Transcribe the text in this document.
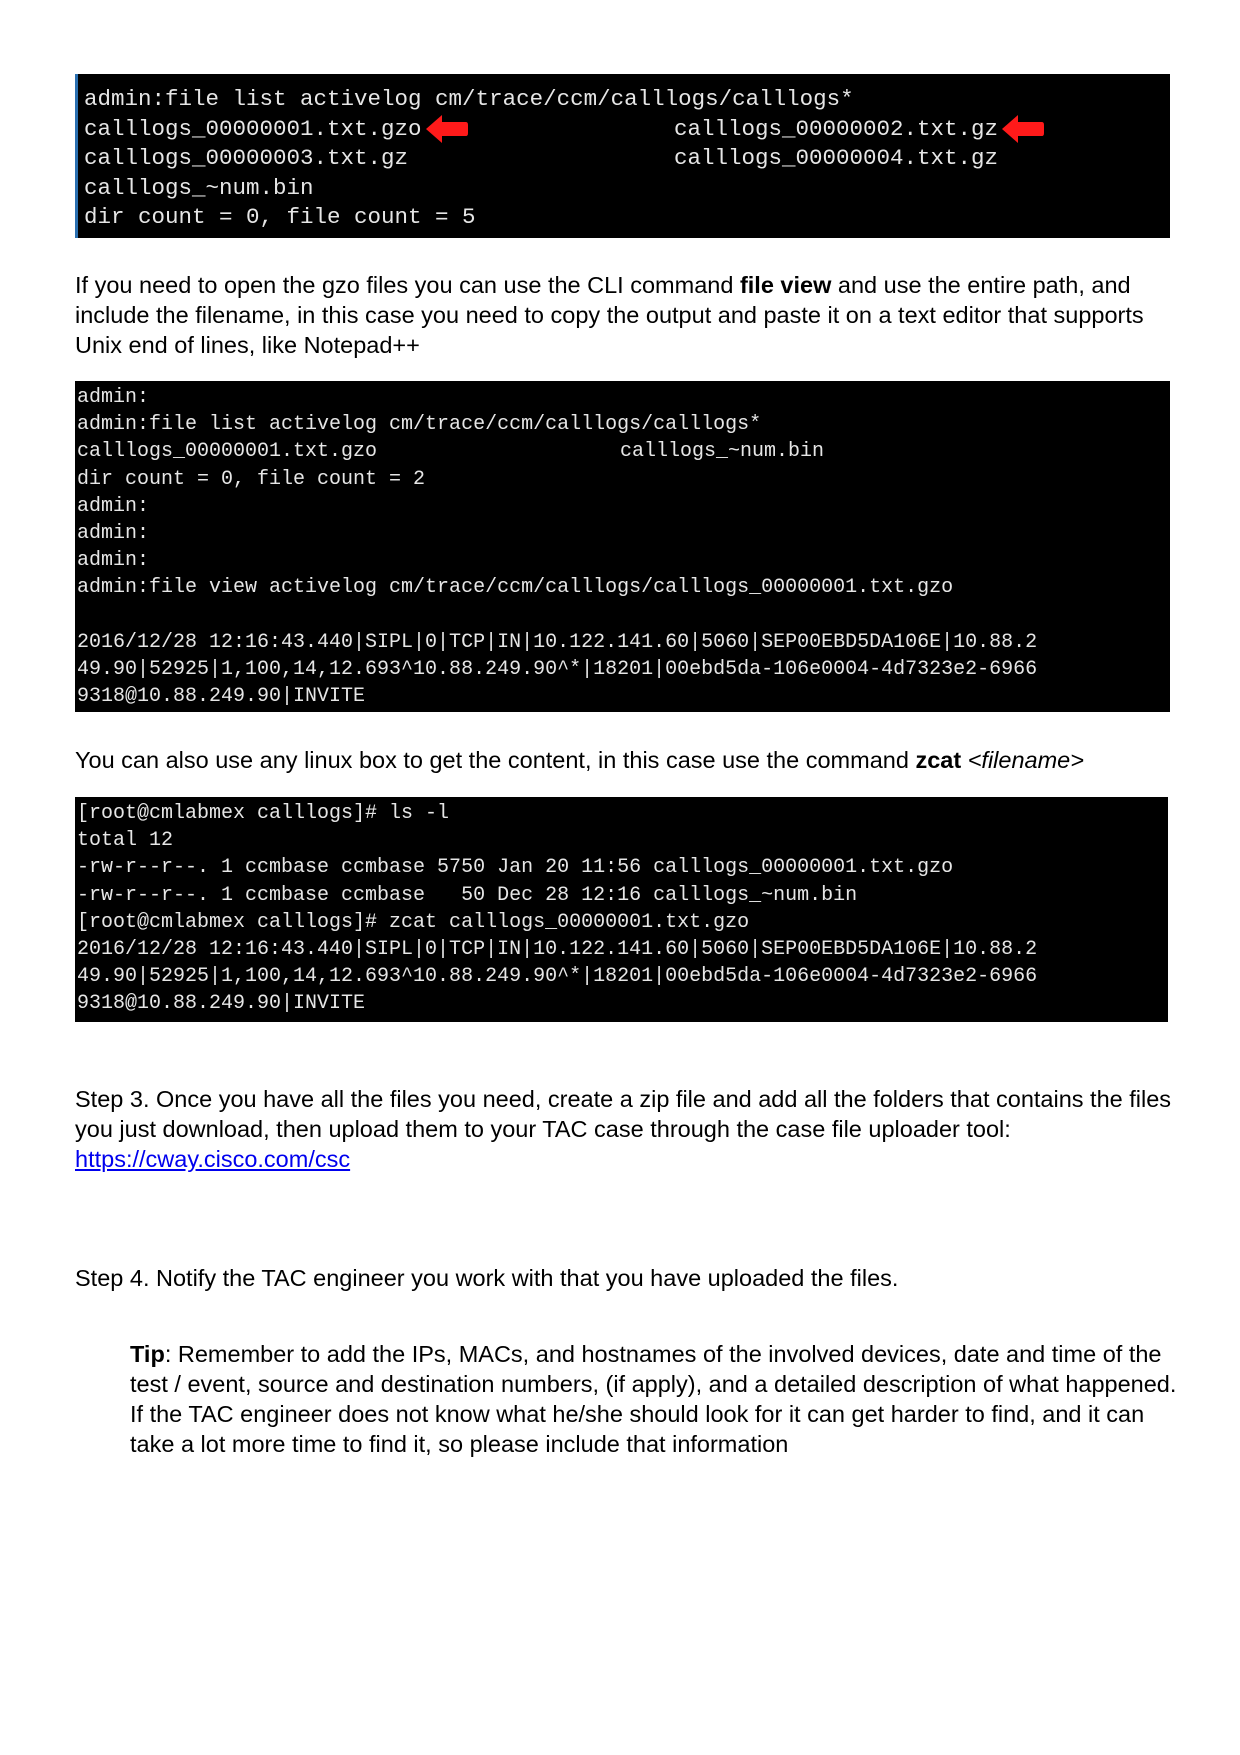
admin:file list activelog cm/trace/ccm/calllogs/calllogs*
calllogs_00000001.txt.gzo	calllogs_00000002.txt.gz
calllogs_00000003.txt.gz	calllogs_00000004.txt.gz
calllogs_~num.bin
dir count = 0, file count = 5

If you need to open the gzo files you can use the CLI command file view and use the entire path, and include the filename, in this case you need to copy the output and paste it on a text editor that supports Unix end of lines, like Notepad++

admin:
admin:file list activelog cm/trace/ccm/calllogs/calllogs*
calllogs_00000001.txt.gzo	calllogs_~num.bin
dir count = 0, file count = 2
admin:
admin:
admin:
admin:file view activelog cm/trace/ccm/calllogs/calllogs_00000001.txt.gzo

2016/12/28 12:16:43.440|SIPL|0|TCP|IN|10.122.141.60|5060|SEP00EBD5DA106E|10.88.2
49.90|52925|1,100,14,12.693^10.88.249.90^*|18201|00ebd5da-106e0004-4d7323e2-6966
9318@10.88.249.90|INVITE

You can also use any linux box to get the content, in this case use the command zcat <filename>

[root@cmlabmex calllogs]# ls -l
total 12
-rw-r--r--. 1 ccmbase ccmbase 5750 Jan 20 11:56 calllogs_00000001.txt.gzo
-rw-r--r--. 1 ccmbase ccmbase   50 Dec 28 12:16 calllogs_~num.bin
[root@cmlabmex calllogs]# zcat calllogs_00000001.txt.gzo
2016/12/28 12:16:43.440|SIPL|0|TCP|IN|10.122.141.60|5060|SEP00EBD5DA106E|10.88.2
49.90|52925|1,100,14,12.693^10.88.249.90^*|18201|00ebd5da-106e0004-4d7323e2-6966
9318@10.88.249.90|INVITE

Step 3. Once you have all the files you need, create a zip file and add all the folders that contains the files you just download, then upload them to your TAC case through the case file uploader tool: https://cway.cisco.com/csc

Step 4. Notify the TAC engineer you work with that you have uploaded the files.

Tip: Remember to add the IPs, MACs, and hostnames of the involved devices, date and time of the test / event, source and destination numbers, (if apply), and a detailed description of what happened. If the TAC engineer does not know what he/she should look for it can get harder to find, and it can take a lot more time to find it, so please include that information
